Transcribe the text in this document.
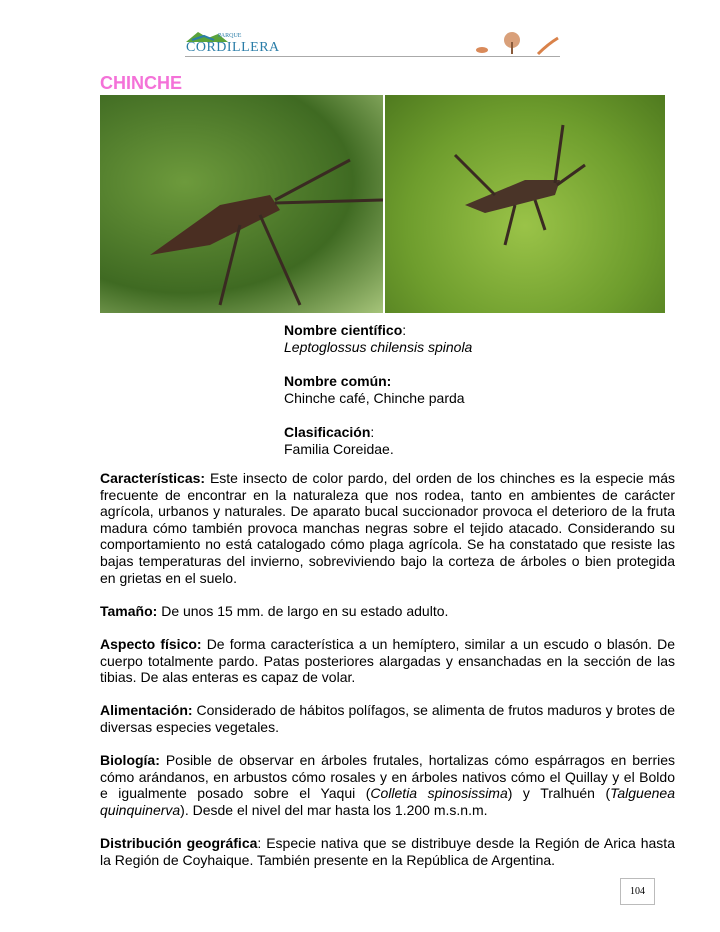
PARQUE
CORDILLERA
CHINCHE

Nombre científico:
Leptoglossus chilensis spinola

Nombre común:
Chinche café, Chinche parda

Clasificación:
Familia Coreidae.

Características: Este insecto de color pardo, del orden de los chinches es la especie más frecuente de encontrar en la naturaleza que nos rodea, tanto en ambientes de carácter agrícola, urbanos y naturales. De aparato bucal succionador provoca el deterioro de la fruta madura cómo también provoca manchas negras sobre el tejido atacado. Considerando su comportamiento no está catalogado cómo plaga agrícola. Se ha constatado que resiste las bajas temperaturas del invierno, sobreviviendo bajo la corteza de árboles o bien protegida en grietas en el suelo.

Tamaño: De unos 15 mm. de largo en su estado adulto.

Aspecto físico: De forma característica a un hemíptero, similar a un escudo o blasón. De cuerpo totalmente pardo. Patas posteriores alargadas y ensanchadas en la sección de las tibias. De alas enteras es capaz de volar.

Alimentación: Considerado de hábitos polífagos, se alimenta de frutos maduros y brotes de diversas especies vegetales.

Biología: Posible de observar en árboles frutales, hortalizas cómo espárragos en berries cómo arándanos, en arbustos cómo rosales y en árboles nativos cómo el Quillay y el Boldo e igualmente posado sobre el Yaqui (Colletia spinosissima) y Tralhuén (Talguenea quinquinerva). Desde el nivel del mar hasta los 1.200 m.s.n.m.

Distribución geográfica: Especie nativa que se distribuye desde la Región de Arica hasta la Región de Coyhaique. También presente en la República de Argentina.

104
